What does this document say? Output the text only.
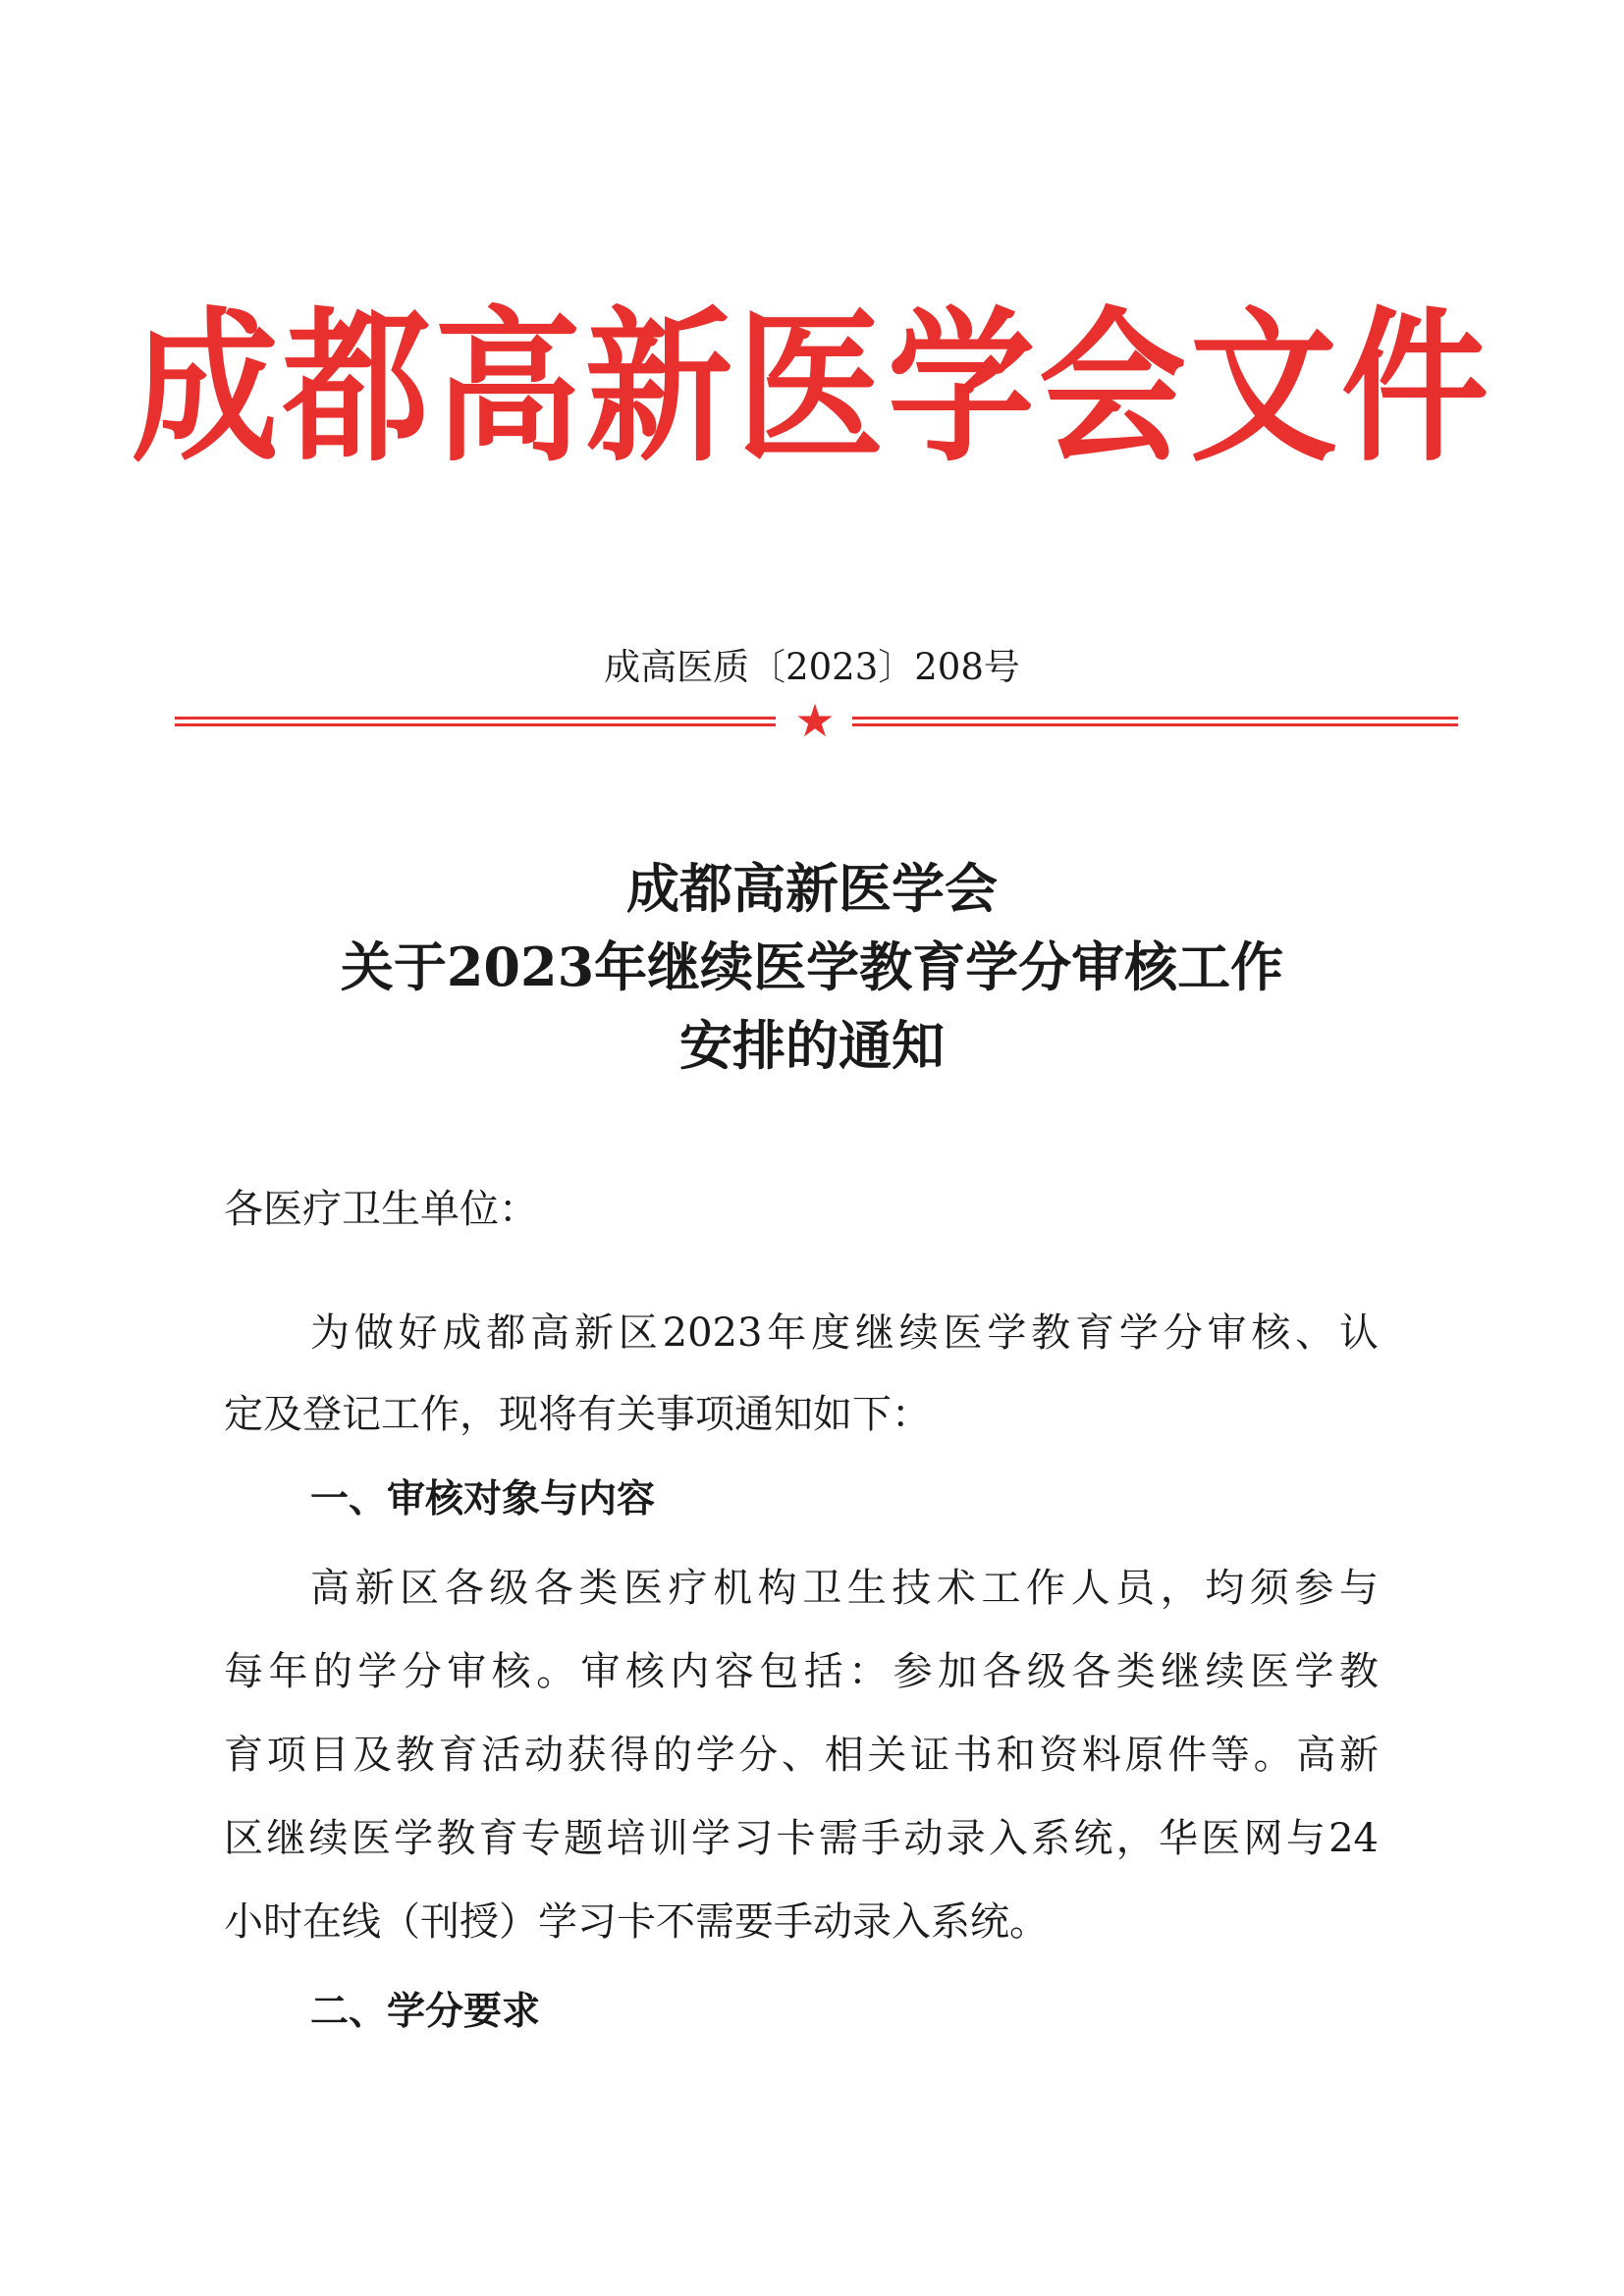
成都高新医学会文件
成高医质〔2023〕208号
★
成都高新医学会
关于2023年继续医学教育学分审核工作
安排的通知
各医疗卫生单位：
为做好成都高新区2023年度继续医学教育学分审核、认
定及登记工作，现将有关事项通知如下：
一、审核对象与内容
高新区各级各类医疗机构卫生技术工作人员，均须参与
每年的学分审核。审核内容包括：参加各级各类继续医学教
育项目及教育活动获得的学分、相关证书和资料原件等。高新
区继续医学教育专题培训学习卡需手动录入系统，华医网与24
小时在线（刊授）学习卡不需要手动录入系统。
二、学分要求
